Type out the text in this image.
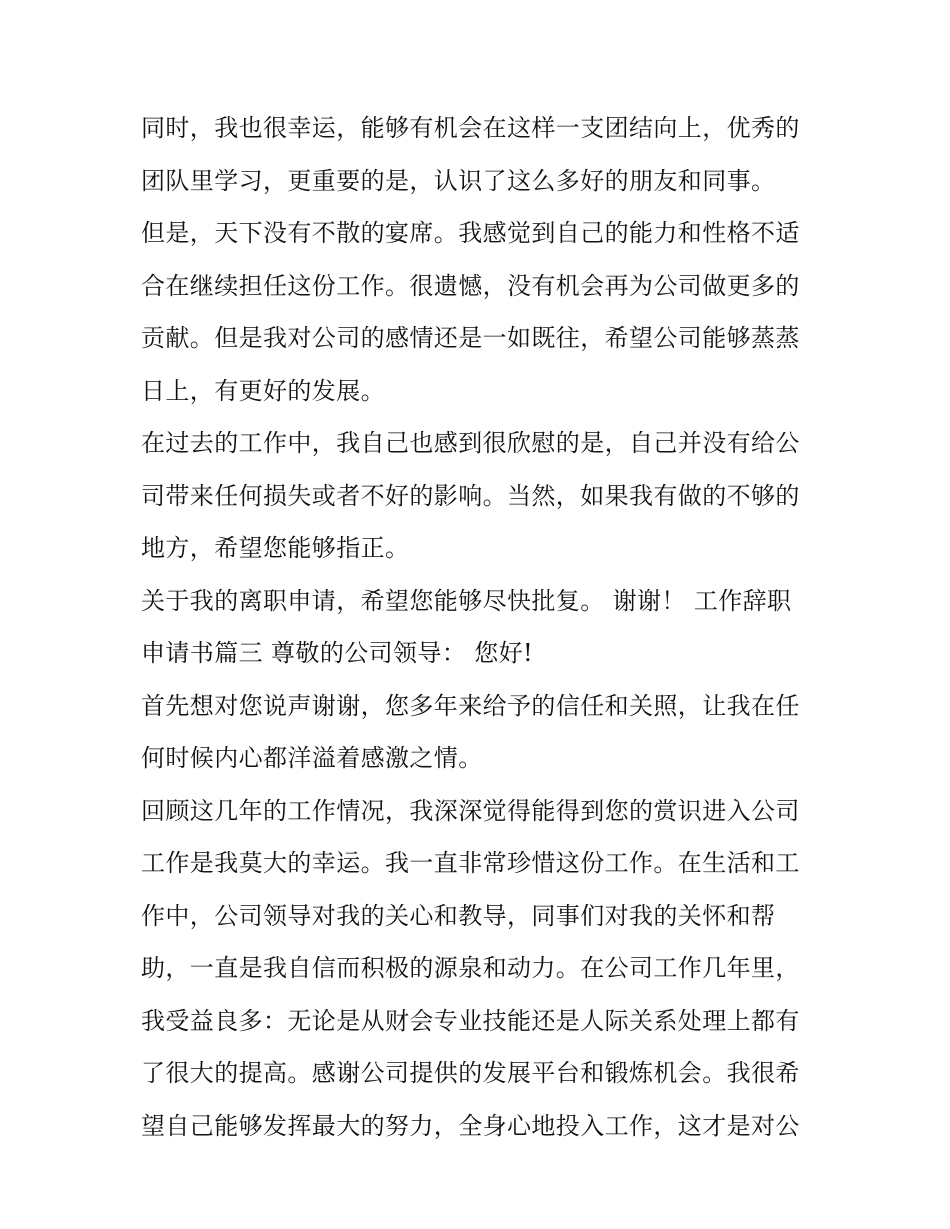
同时，我也很幸运，能够有机会在这样一支团结向上，优秀的
团队里学习，更重要的是，认识了这么多好的朋友和同事。
但是，天下没有不散的宴席。我感觉到自己的能力和性格不适
合在继续担任这份工作。很遗憾，没有机会再为公司做更多的
贡献。但是我对公司的感情还是一如既往，希望公司能够蒸蒸
日上，有更好的发展。
在过去的工作中，我自己也感到很欣慰的是，自己并没有给公
司带来任何损失或者不好的影响。当然，如果我有做的不够的
地方，希望您能够指正。
关于我的离职申请，希望您能够尽快批复。 谢谢！ 工作辞职
申请书篇三 尊敬的公司领导： 您好!
首先想对您说声谢谢，您多年来给予的信任和关照，让我在任
何时候内心都洋溢着感激之情。
回顾这几年的工作情况，我深深觉得能得到您的赏识进入公司
工作是我莫大的幸运。我一直非常珍惜这份工作。在生活和工
作中，公司领导对我的关心和教导，同事们对我的关怀和帮
助，一直是我自信而积极的源泉和动力。在公司工作几年里，
我受益良多：无论是从财会专业技能还是人际关系处理上都有
了很大的提高。感谢公司提供的发展平台和锻炼机会。我很希
望自己能够发挥最大的努力，全身心地投入工作，这才是对公
